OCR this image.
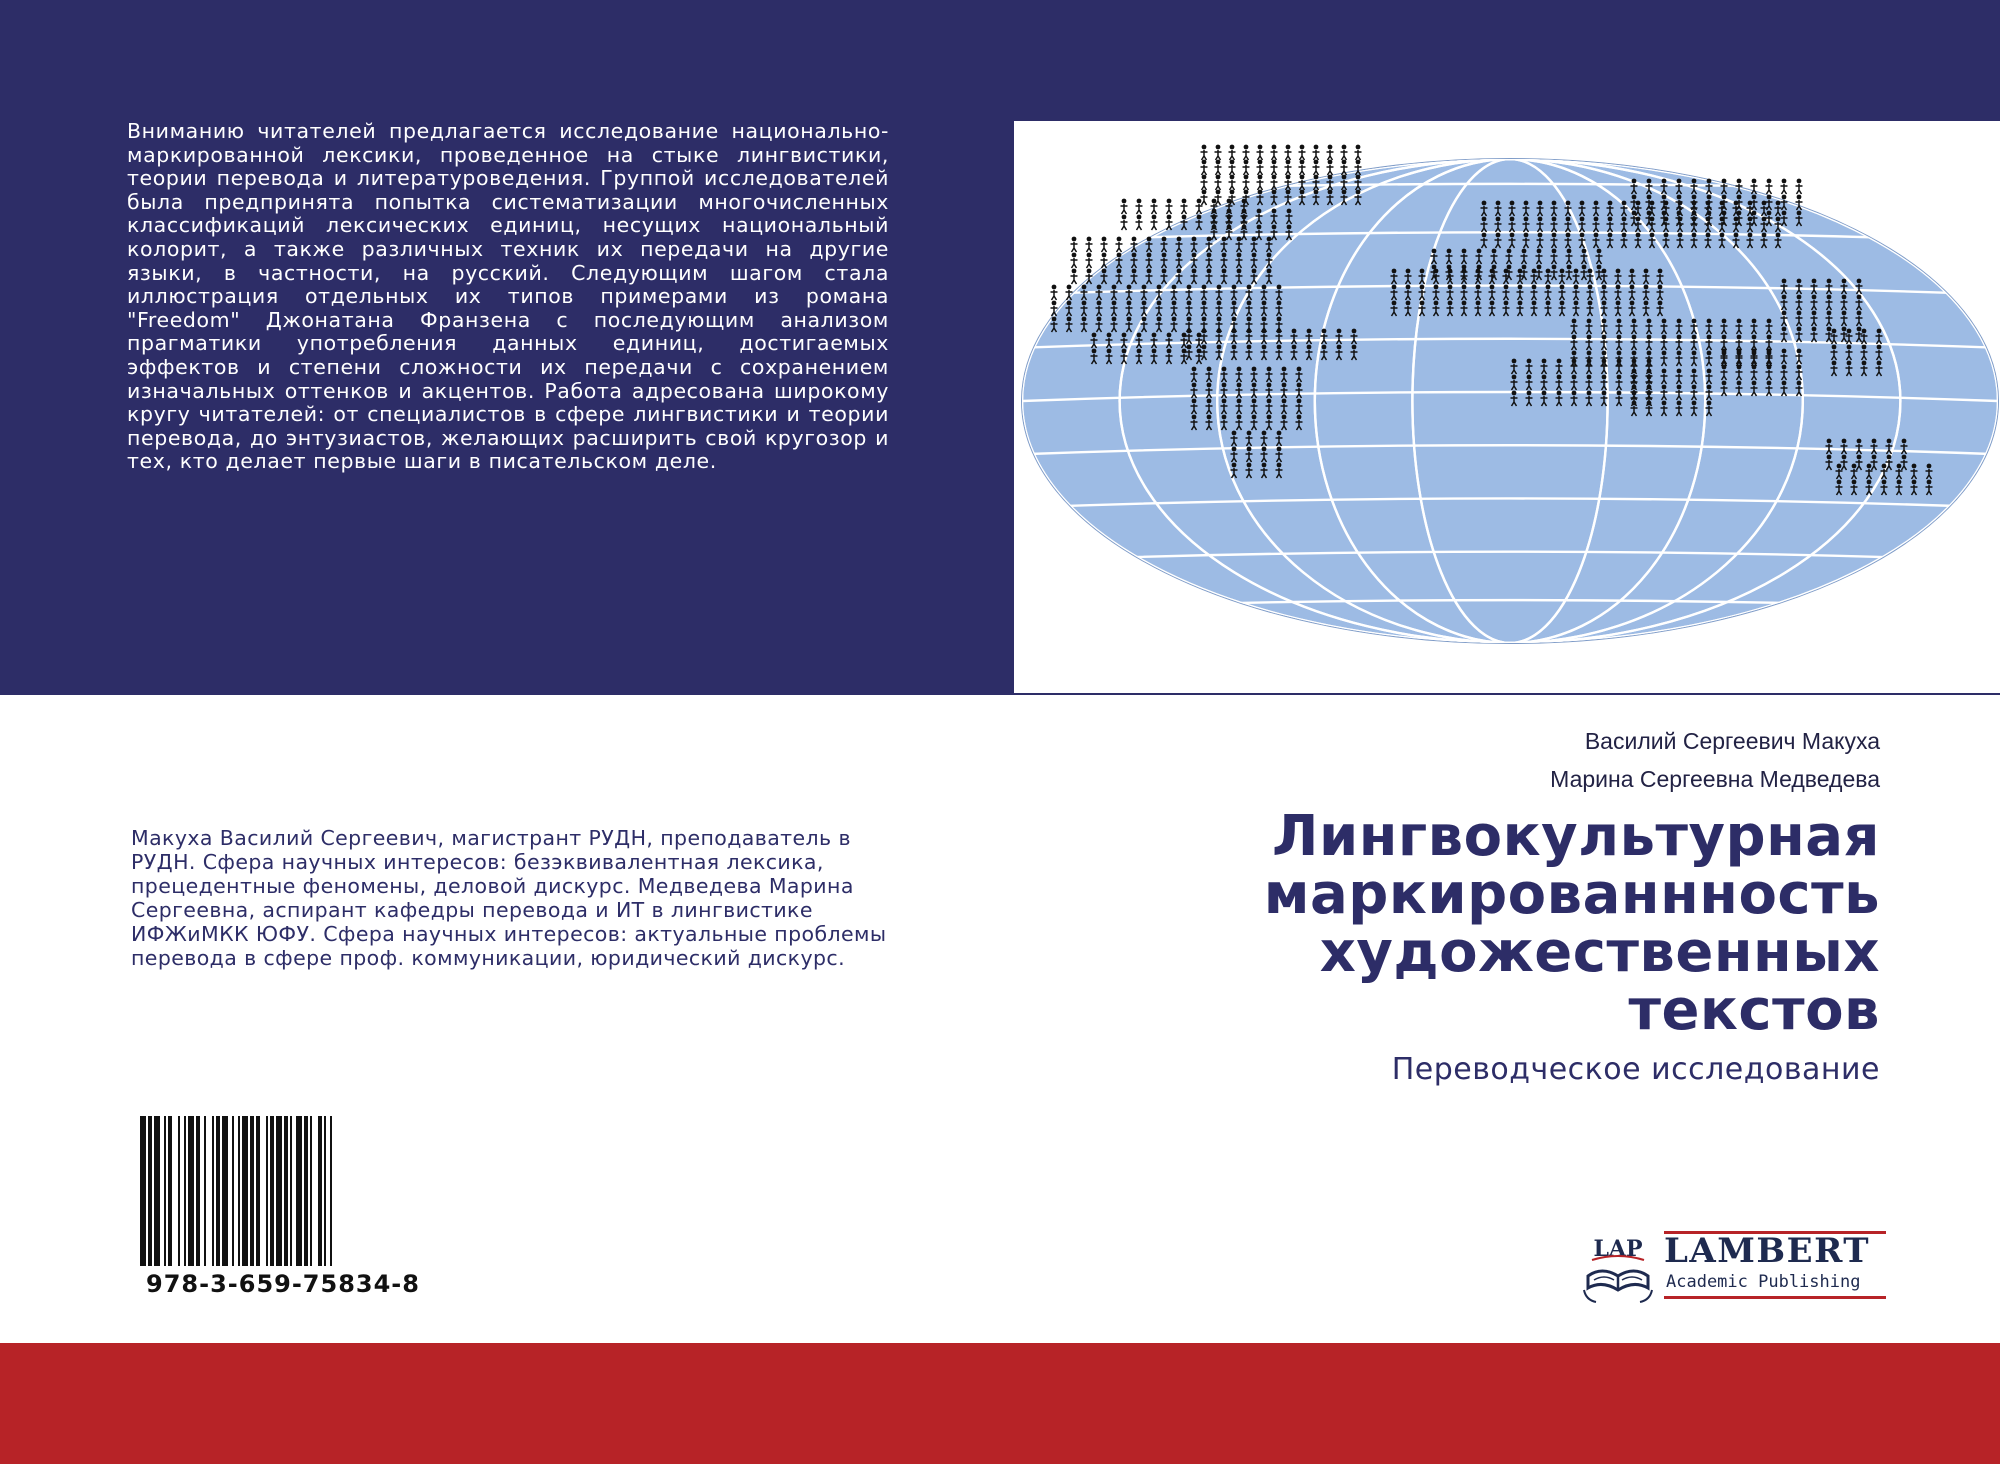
Вниманию читателей предлагается исследование национально-маркированной лексики, проведенное на стыке лингвистики, теории перевода и литературоведения. Группой исследователей была предпринята попытка систематизации многочисленных классификаций лексических единиц, несущих национальный колорит, а также различных техник их передачи на другие языки, в частности, на русский. Следующим шагом стала иллюстрация отдельных их типов примерами из романа "Freedom" Джонатана Франзена с последующим анализом прагматики употребления данных единиц, достигаемых эффектов и степени сложности их передачи с сохранением изначальных оттенков и акцентов. Работа адресована широкому кругу читателей: от специалистов в сфере лингвистики и теории перевода, до энтузиастов, желающих расширить свой кругозор и тех, кто делает первые шаги в писательском деле.

Василий Сергеевич Макуха
Марина Сергеевна Медведева
Лингвокультурная маркированнность художественных текстов

Переводческое исследование

Макуха Василий Сергеевич, магистрант РУДН, преподаватель в РУДН. Сфера научных интересов: безэквивалентная лексика, прецедентные феномены, деловой дискурс. Медведева Марина Сергеевна, аспирант кафедры перевода и ИТ в лингвистике ИФЖиМКК ЮФУ. Сфера научных интересов: актуальные проблемы перевода в сфере проф. коммуникации, юридический дискурс.

978-3-659-75834-8
LAP LAMBERT
Academic Publishing
